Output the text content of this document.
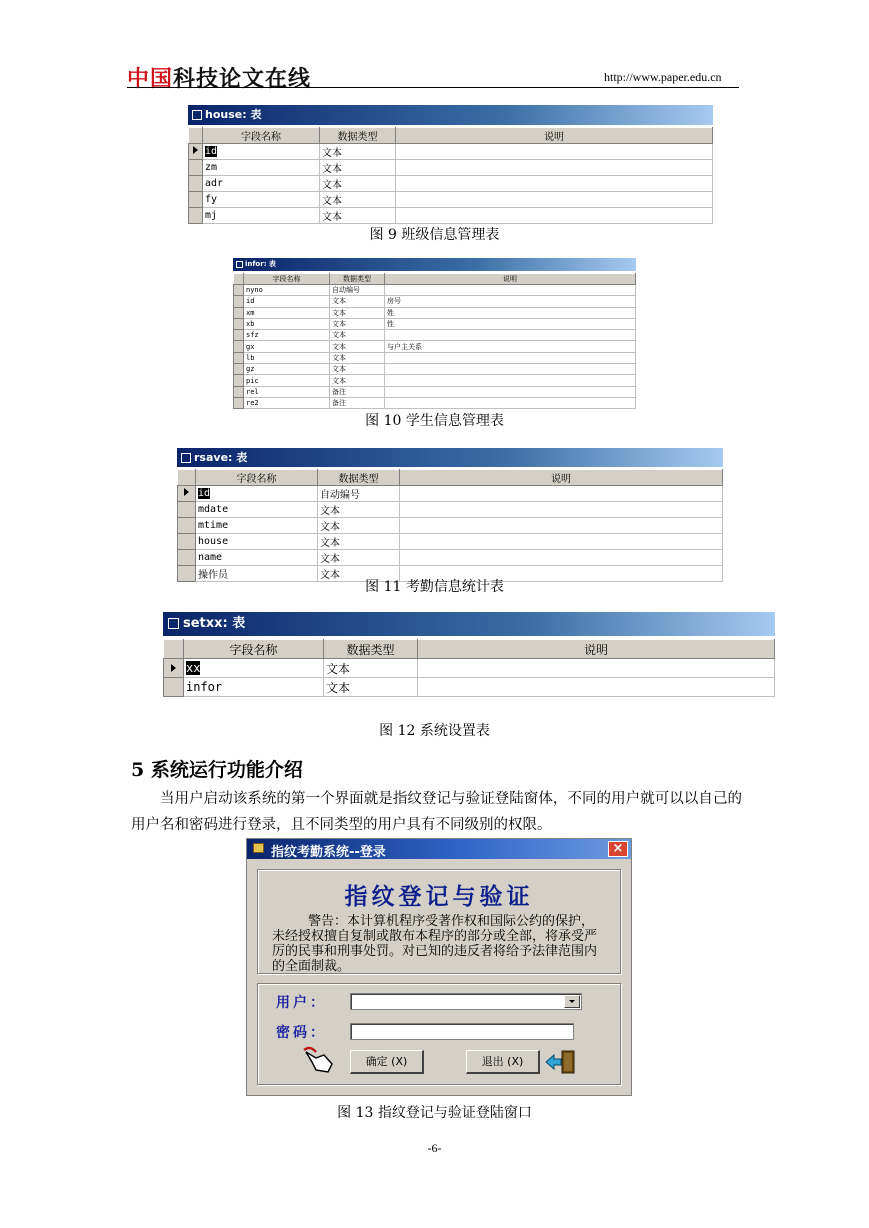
中国科技论文在线	http://www.paper.edu.cn
house: 表
	字段名称	数据类型	说明
	id	文本	
	zm	文本	
	adr	文本	
	fy	文本	
	mj	文本	
图 9 班级信息管理表
infor: 表
	字段名称	数据类型	说明
	nyno	自动编号	
	id	文本	房号
	xm	文本	姓
	xb	文本	性
	sfz	文本	
	gx	文本	与户主关系
	lb	文本	
	gz	文本	
	pic	文本	
	rel	备注	
	re2	备注	
图 10 学生信息管理表
rsave: 表
	字段名称	数据类型	说明
	id	自动编号	
	mdate	文本	
	mtime	文本	
	house	文本	
	name	文本	
	操作员	文本	
图 11 考勤信息统计表
setxx: 表
	字段名称	数据类型	说明
	xx	文本	
	infor	文本	
图 12 系统设置表
5 系统运行功能介绍
当用户启动该系统的第一个界面就是指纹登记与验证登陆窗体，不同的用户就可以以自己的用户名和密码进行登录，且不同类型的用户具有不同级别的权限。
指纹考勤系统--登录	×
指纹登记与验证
警告：本计算机程序受著作权和国际公约的保护，未经授权擅自复制或散布本程序的部分或全部，将承受严厉的民事和刑事处罚。对已知的违反者将给予法律范围内的全面制裁。
用户：
密码：
确定 (X)	退出 (X)
图 13 指纹登记与验证登陆窗口
-6-
